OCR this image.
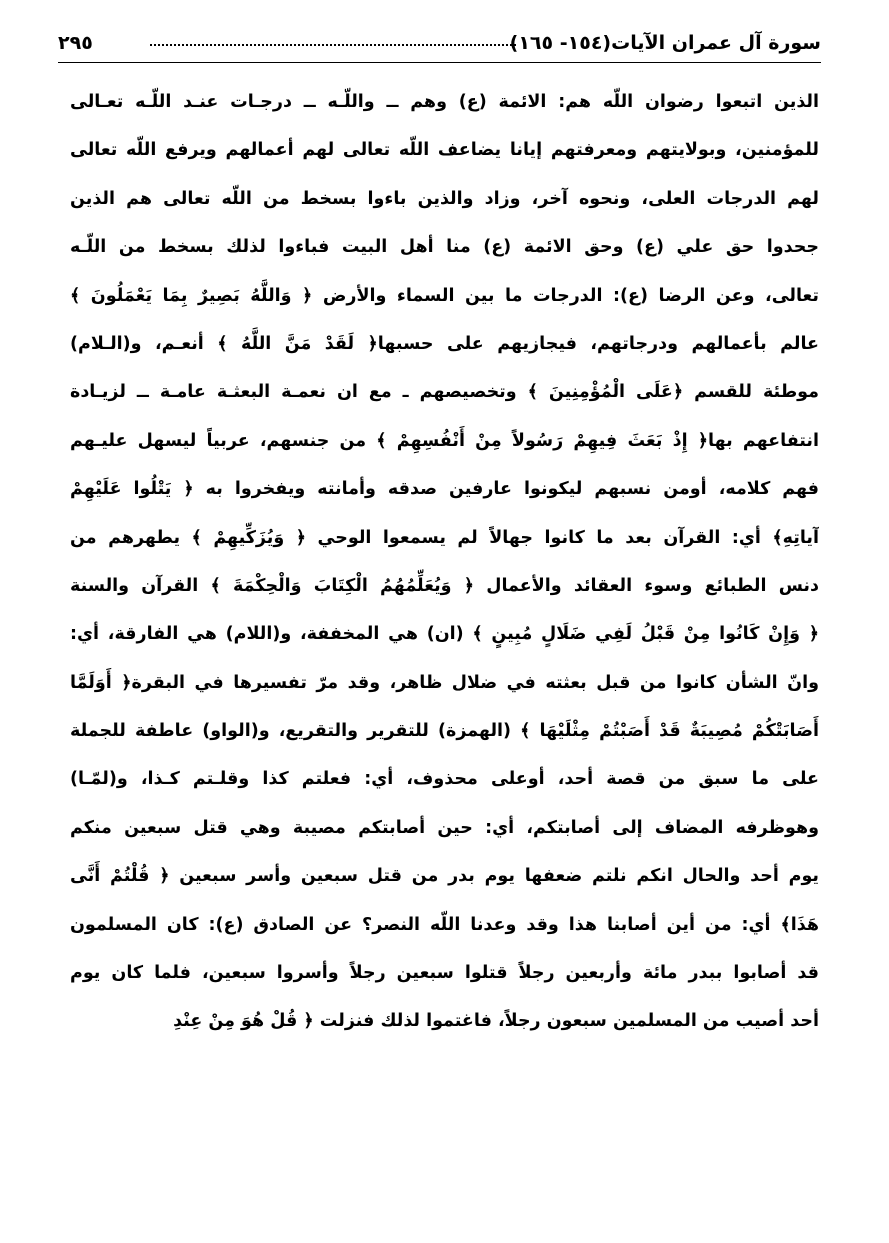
سورة آل عمران الآيات(١٥٤- ١٦٥)
٢٩٥
الذين اتبعوا رضوان اللّه هم: الائمة (ع) وهم ــ واللّـه ــ درجـات عنـد اللّـه تعـالى
للمؤمنين، وبولايتهم ومعرفتهم إيانا يضاعف اللّه تعالى لهم أعمالهم ويرفع اللّه تعالى
لهم الدرجات العلى، ونحوه آخر، وزاد والذين باءوا بسخط من اللّه تعالى هم الذين
جحدوا حق علي (ع) وحق الائمة (ع) منا أهل البيت فباءوا لذلك بسخط من اللّـه
تعالى، وعن الرضا (ع): الدرجات ما بين السماء والأرض ﴿ وَاللَّهُ بَصِيرٌ بِمَا يَعْمَلُونَ ﴾
عالم بأعمالهم ودرجاتهم، فيجازيهم على حسبها﴿ لَقَدْ مَنَّ اللَّهُ ﴾ أنعـم، و(الـلام)
موطئة للقسم ﴿عَلَى الْمُؤْمِنِينَ ﴾ وتخصيصهم ـ مع ان نعمـة البعثـة عامـة ــ لزيـادة
انتفاعهم بها﴿ إِذْ بَعَثَ فِيهِمْ رَسُولاً مِنْ أَنْفُسِهِمْ ﴾ من جنسهم، عربياً ليسهل عليـهم
فهم كلامه، أومن نسبهم ليكونوا عارفين صدقه وأمانته ويفخروا به ﴿ يَتْلُوا عَلَيْهِمْ
آياتِهِ﴾ أي: القرآن بعد ما كانوا جهالاً لم يسمعوا الوحي ﴿ وَيُزَكِّيهِمْ ﴾ يطهرهم من
دنس الطبائع وسوء العقائد والأعمال ﴿ وَيُعَلِّمُهُمُ الْكِتَابَ وَالْحِكْمَةَ ﴾ القرآن والسنة
﴿ وَإِنْ كَانُوا مِنْ قَبْلُ لَفِي ضَلَالٍ مُبِينٍ ﴾ (ان) هي المخففة، و(اللام) هي الفارقة، أي:
وانّ الشأن كانوا من قبل بعثته في ضلال ظاهر، وقد مرّ تفسيرها في البقرة﴿ أَوَلَمَّا
أَصَابَتْكُمْ مُصِيبَةٌ قَدْ أَصَبْتُمْ مِثْلَيْهَا ﴾ (الهمزة) للتقرير والتقريع، و(الواو) عاطفة للجملة
على ما سبق من قصة أحد، أوعلى محذوف، أي: فعلتم كذا وقلـتم كـذا، و(لمّـا)
وهوظرفه المضاف إلى أصابتكم، أي: حين أصابتكم مصيبة وهي قتل سبعين منكم
يوم أحد والحال انكم نلتم ضعفها يوم بدر من قتل سبعين وأسر سبعين ﴿ قُلْتُمْ أَنَّى
هَذَا﴾ أي: من أين أصابنا هذا وقد وعدنا اللّه النصر؟ عن الصادق (ع): كان المسلمون
قد أصابوا ببدر مائة وأربعين رجلاً قتلوا سبعين رجلاً وأسروا سبعين، فلما كان يوم
أحد أصيب من المسلمين سبعون رجلاً، فاغتموا لذلك فنزلت ﴿ قُلْ هُوَ مِنْ عِنْدِ
